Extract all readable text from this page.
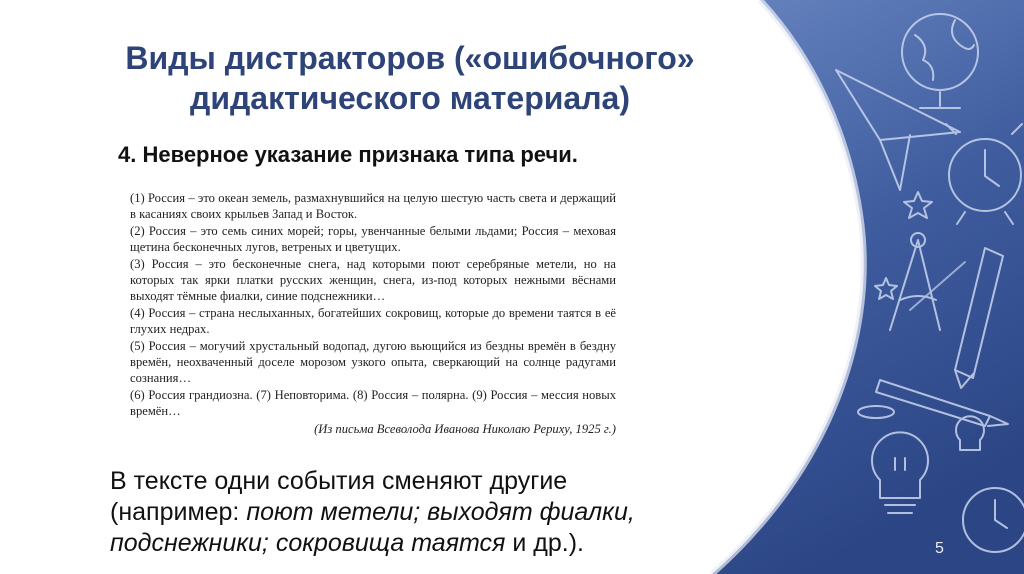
Виды дистракторов («ошибочного»
дидактического материала)
4. Неверное указание признака типа речи.

(1) Россия – это океан земель, размахнувшийся на целую шестую часть света и держащий в касаниях своих крыльев Запад и Восток.

(2) Россия – это семь синих морей; горы, увенчанные белыми льдами; Россия – меховая щетина бесконечных лугов, ветреных и цветущих.

(3) Россия – это бесконечные снега, над которыми поют серебряные метели, но на которых так ярки платки русских женщин, снега, из-под которых нежными вёснами выходят тёмные фиалки, синие подснежники…

(4) Россия – страна неслыханных, богатейших сокровищ, которые до времени таятся в её глухих недрах.

(5) Россия – могучий хрустальный водопад, дугою вьющийся из бездны времён в бездну времён, неохваченный доселе морозом узкого опыта, сверкающий на солнце радугами сознания…

(6) Россия грандиозна. (7) Неповторима. (8) Россия – полярна. (9) Россия – мессия новых времён…

(Из письма Всеволода Иванова Николаю Рериху, 1925 г.)

В тексте одни события сменяют другие

(например: поют метели; выходят фиалки,

подснежники; сокровища таятся и др.).	5
